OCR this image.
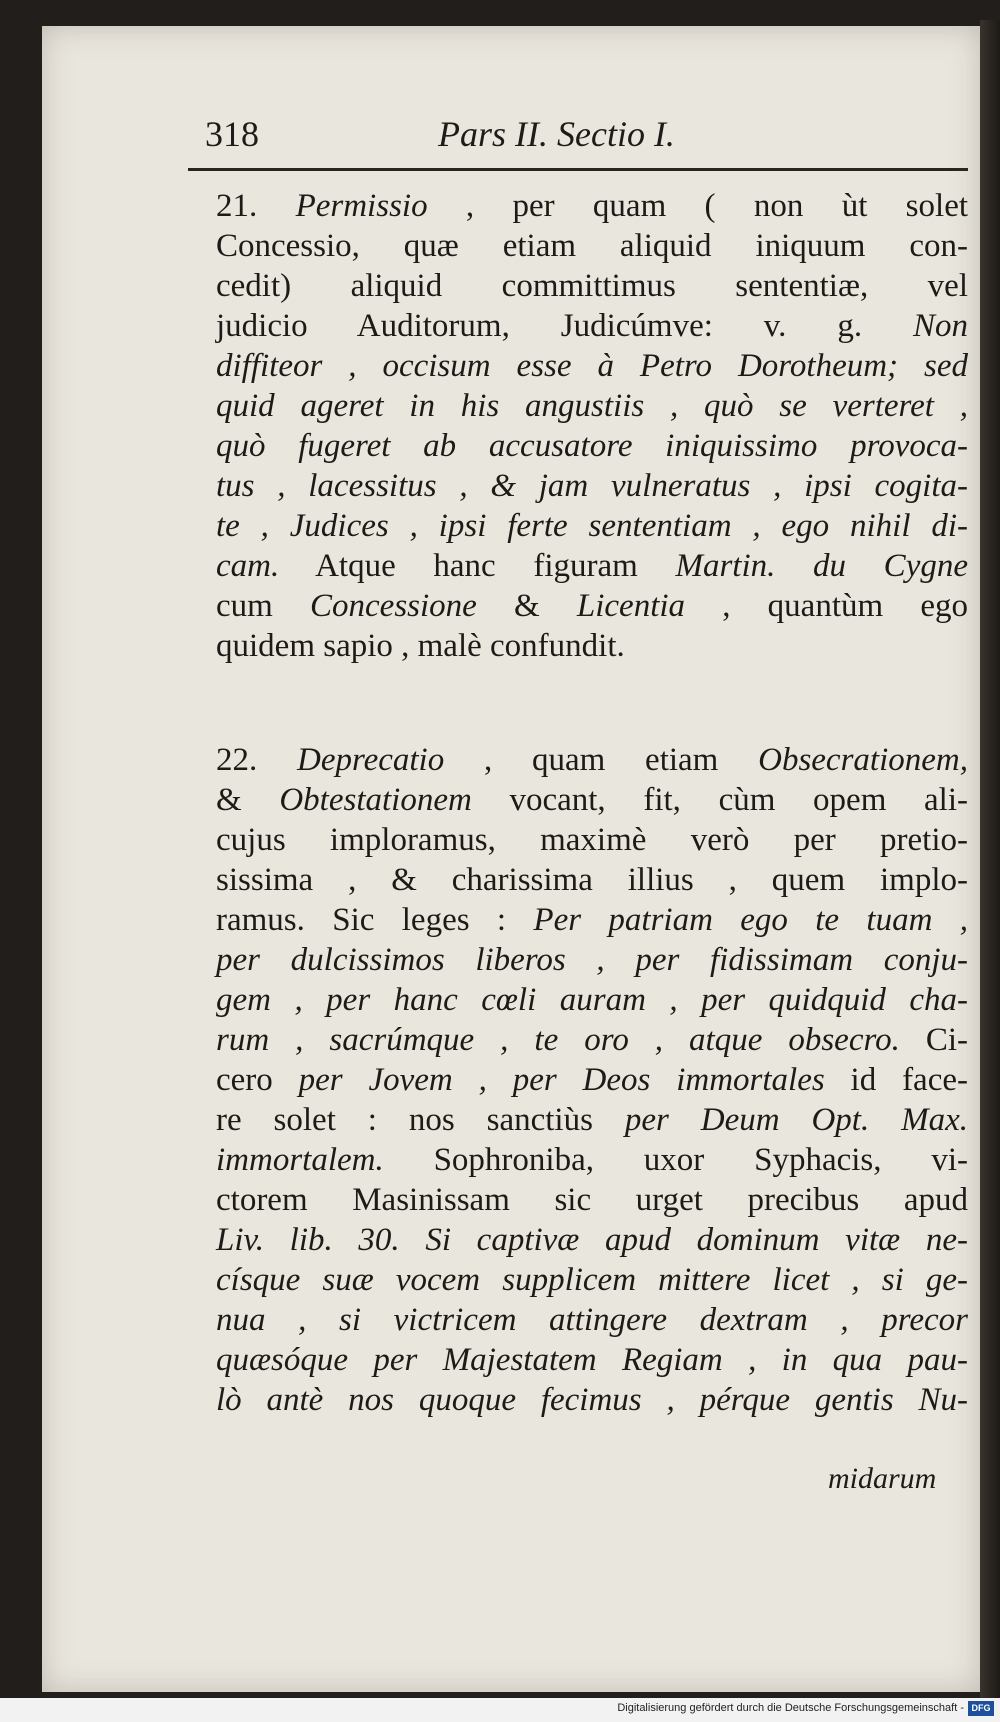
318	Pars II. Sectio I.
21. Permissio , per quam ( non ùt solet
Concessio, quæ etiam aliquid iniquum con-
cedit) aliquid committimus sententiæ, vel
judicio Auditorum, Judicúmve: v. g. Non
diffiteor , occisum esse à Petro Dorotheum; sed
quid ageret in his angustiis , quò se verteret ,
quò fugeret ab accusatore iniquissimo provoca-
tus , lacessitus , & jam vulneratus , ipsi cogita-
te , Judices , ipsi ferte sententiam , ego nihil di-
cam. Atque hanc figuram Martin. du Cygne
cum Concessione & Licentia , quantùm ego
quidem sapio , malè confundit.
22. Deprecatio , quam etiam Obsecrationem,
& Obtestationem vocant, fit, cùm opem ali-
cujus imploramus, maximè verò per pretio-
sissima , & charissima illius , quem implo-
ramus. Sic leges : Per patriam ego te tuam ,
per dulcissimos liberos , per fidissimam conju-
gem , per hanc cœli auram , per quidquid cha-
rum , sacrúmque , te oro , atque obsecro. Ci-
cero per Jovem , per Deos immortales id face-
re solet : nos sanctiùs per Deum Opt. Max.
immortalem. Sophroniba, uxor Syphacis, vi-
ctorem Masinissam sic urget precibus apud
Liv. lib. 30. Si captivæ apud dominum vitæ ne-
císque suæ vocem supplicem mittere licet , si ge-
nua , si victricem attingere dextram , precor
quæsóque per Majestatem Regiam , in qua pau-
lò antè nos quoque fecimus , pérque gentis Nu-
midarum
Digitalisierung gefördert durch die Deutsche Forschungsgemeinschaft - DFG
